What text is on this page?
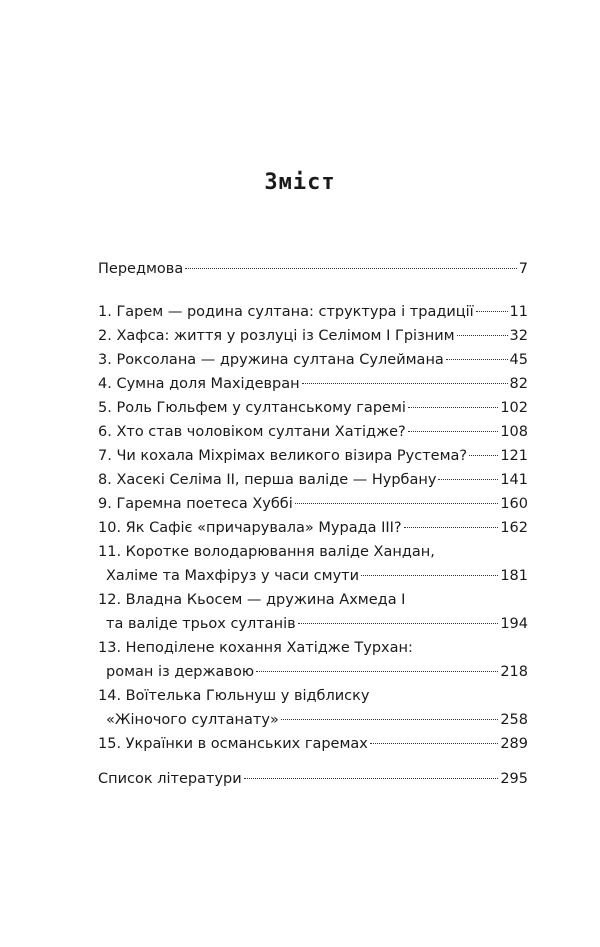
Зміст
Передмова	7
1. Гарем — родина султана: структура і традиції 11
2. Хафса: життя у розлуці із Селімом I Грізним	32
3. Роксолана — дружина султана Сулеймана	45
4. Сумна доля Махідевран	82
5. Роль Гюльфем у султанському гаремі	102
6. Хто став чоловіком султани Хатідже?	108
7. Чи кохала Міхрімах великого візира Рустема? 121
8. Хасекі Селіма II, перша валіде — Нурбану	141
9. Гаремна поетеса Хуббі	160
10. Як Сафіє «причарувала» Мурада III?	162
11. Коротке володарювання валіде Хандан,
Халіме та Махфіруз у часи смути	181
12. Владна Кьосем — дружина Ахмеда I
та валіде трьох султанів	194
13. Неподілене кохання Хатідже Турхан:
роман із державою	218
14. Воїтелька Гюльнуш у відблиску
«Жіночого султанату»	258
15. Українки в османських гаремах	289
Список літератури	295
